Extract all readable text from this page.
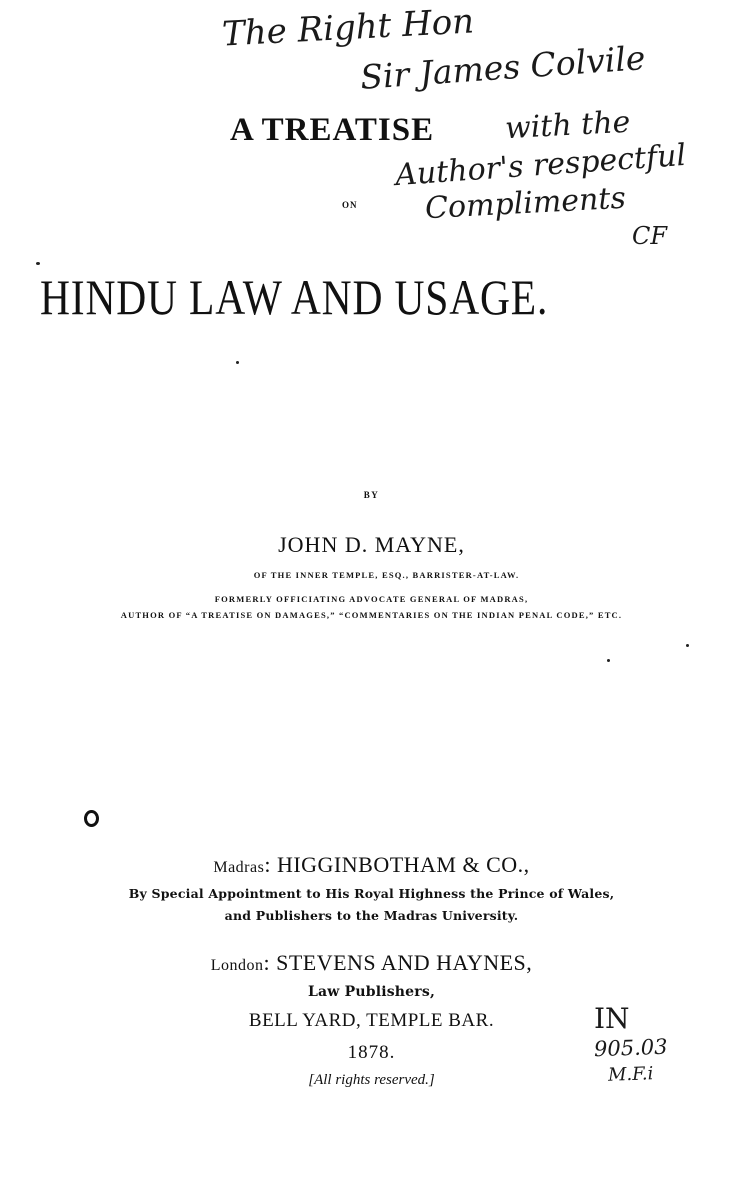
The Right Hon
Sir James Colvile
with the
Author's respectful
Compliments
CF
A TREATISE
ON
HINDU LAW AND USAGE.
BY
JOHN D. MAYNE,
OF THE INNER TEMPLE, ESQ., BARRISTER-AT-LAW.
FORMERLY OFFICIATING ADVOCATE GENERAL OF MADRAS,
AUTHOR OF “A TREATISE ON DAMAGES,” “COMMENTARIES ON THE INDIAN PENAL CODE,” ETC.
Madras: HIGGINBOTHAM & CO.,
By Special Appointment to His Royal Highness the Prince of Wales,
and Publishers to the Madras University.
London: STEVENS AND HAYNES,
Law Publishers,
BELL YARD, TEMPLE BAR.
1878.
[All rights reserved.]
IN
905.03
M.F.i
